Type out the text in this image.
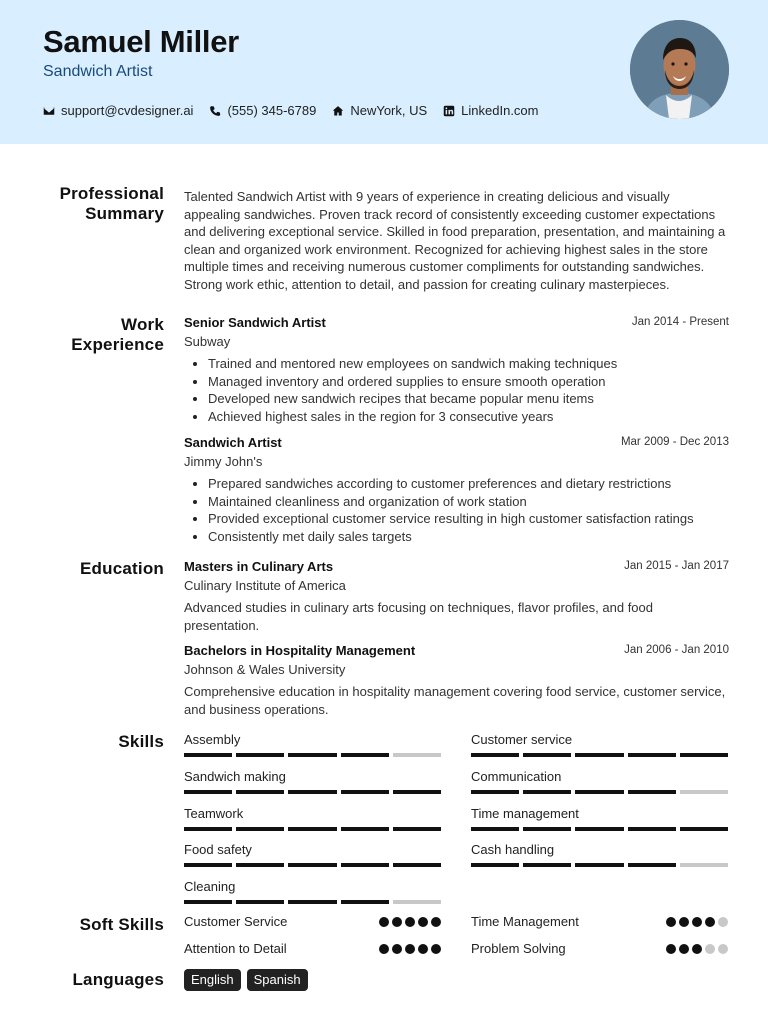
Samuel Miller
Sandwich Artist
support@cvdesigner.ai	(555) 345-6789	NewYork, US	LinkedIn.com
Professional
Summary
Talented Sandwich Artist with 9 years of experience in creating delicious and visually appealing sandwiches. Proven track record of consistently exceeding customer expectations and delivering exceptional service. Skilled in food preparation, presentation, and maintaining a clean and organized work environment. Recognized for achieving highest sales in the store multiple times and receiving numerous customer compliments for outstanding sandwiches. Strong work ethic, attention to detail, and passion for creating culinary masterpieces.
Work
Experience
Jan 2014 - Present
Senior Sandwich Artist
Subway
Trained and mentored new employees on sandwich making techniques
Managed inventory and ordered supplies to ensure smooth operation
Developed new sandwich recipes that became popular menu items
Achieved highest sales in the region for 3 consecutive years
Mar 2009 - Dec 2013
Sandwich Artist
Jimmy John's
Prepared sandwiches according to customer preferences and dietary restrictions
Maintained cleanliness and organization of work station
Provided exceptional customer service resulting in high customer satisfaction ratings
Consistently met daily sales targets
Education	Jan 2015 - Jan 2017
Masters in Culinary Arts
Culinary Institute of America
Advanced studies in culinary arts focusing on techniques, flavor profiles, and food presentation.
Jan 2006 - Jan 2010
Bachelors in Hospitality Management
Johnson & Wales University
Comprehensive education in hospitality management covering food service, customer service, and business operations.
Skills Assembly	Customer service
Sandwich making	Communication
Teamwork	Time management
Food safety	Cash handling
Cleaning
Soft Skills Customer Service	Time Management
Attention to Detail	Problem Solving
Languages	English	Spanish
